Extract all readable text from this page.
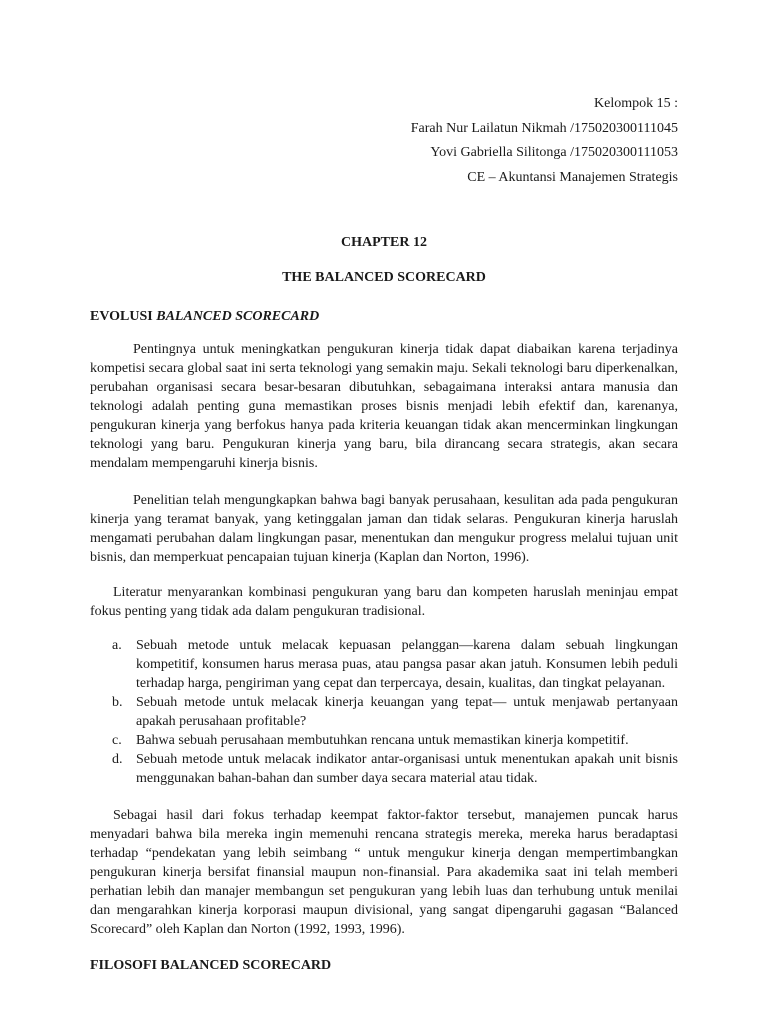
Kelompok 15 :
Farah Nur Lailatun Nikmah /175020300111045
Yovi Gabriella Silitonga /175020300111053
CE – Akuntansi Manajemen Strategis
CHAPTER 12
THE BALANCED SCORECARD
EVOLUSI BALANCED SCORECARD

Pentingnya untuk meningkatkan pengukuran kinerja tidak dapat diabaikan karena terjadinya kompetisi secara global saat ini serta teknologi yang semakin maju. Sekali teknologi baru diperkenalkan, perubahan organisasi secara besar-besaran dibutuhkan, sebagaimana interaksi antara manusia dan teknologi adalah penting guna memastikan proses bisnis menjadi lebih efektif dan, karenanya, pengukuran kinerja yang berfokus hanya pada kriteria keuangan tidak akan mencerminkan lingkungan teknologi yang baru. Pengukuran kinerja yang baru, bila dirancang secara strategis, akan secara mendalam mempengaruhi kinerja bisnis.

Penelitian telah mengungkapkan bahwa bagi banyak perusahaan, kesulitan ada pada pengukuran kinerja yang teramat banyak, yang ketinggalan jaman dan tidak selaras. Pengukuran kinerja haruslah mengamati perubahan dalam lingkungan pasar, menentukan dan mengukur progress melalui tujuan unit bisnis, dan memperkuat pencapaian tujuan kinerja (Kaplan dan Norton, 1996).

Literatur menyarankan kombinasi pengukuran yang baru dan kompeten haruslah meninjau empat fokus penting yang tidak ada dalam pengukuran tradisional.

a. Sebuah metode untuk melacak kepuasan pelanggan—karena dalam sebuah lingkungan kompetitif, konsumen harus merasa puas, atau pangsa pasar akan jatuh. Konsumen lebih peduli terhadap harga, pengiriman yang cepat dan terpercaya, desain, kualitas, dan tingkat pelayanan.
b. Sebuah metode untuk melacak kinerja keuangan yang tepat— untuk menjawab pertanyaan apakah perusahaan profitable?
c. Bahwa sebuah perusahaan membutuhkan rencana untuk memastikan kinerja kompetitif.
d. Sebuah metode untuk melacak indikator antar-organisasi untuk menentukan apakah unit bisnis menggunakan bahan-bahan dan sumber daya secara material atau tidak.

Sebagai hasil dari fokus terhadap keempat faktor-faktor tersebut, manajemen puncak harus menyadari bahwa bila mereka ingin memenuhi rencana strategis mereka, mereka harus beradaptasi terhadap “pendekatan yang lebih seimbang “ untuk mengukur kinerja dengan mempertimbangkan pengukuran kinerja bersifat finansial maupun non-finansial. Para akademika saat ini telah memberi perhatian lebih dan manajer membangun set pengukuran yang lebih luas dan terhubung untuk menilai dan mengarahkan kinerja korporasi maupun divisional, yang sangat dipengaruhi gagasan “Balanced Scorecard” oleh Kaplan dan Norton (1992, 1993, 1996).

FILOSOFI BALANCED SCORECARD
